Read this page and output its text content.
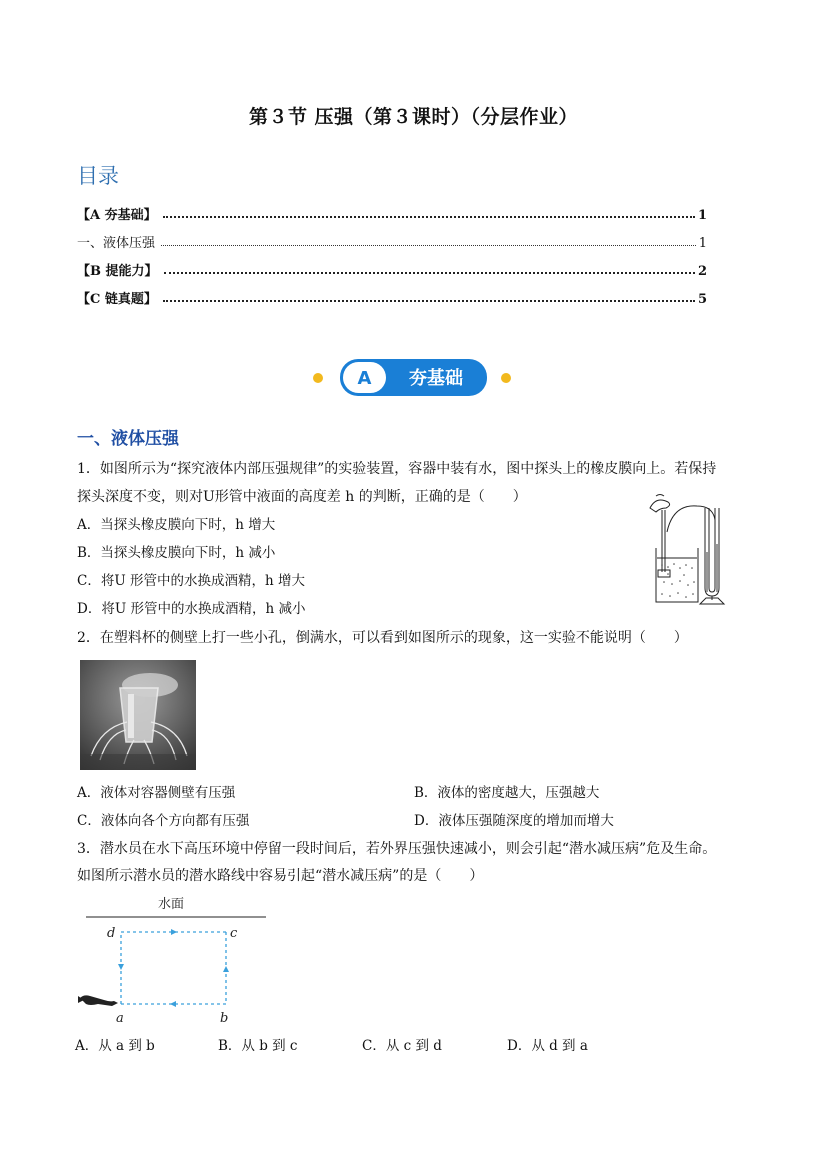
第３节 压强（第３课时）（分层作业）
目录
【A 夯基础】	1
一、液体压强	1
【B 提能力】	2
【C 链真题】	5
A 夯基础
一、液体压强
1．如图所示为“探究液体内部压强规律”的实验装置，容器中装有水，图中探头上的橡皮膜向上。若保持
探头深度不变，则对U形管中液面的高度差 h 的判断，正确的是（　　）
A．当探头橡皮膜向下时，h 增大
B．当探头橡皮膜向下时，h 减小
C．将U 形管中的水换成酒精，h 增大
D．将U 形管中的水换成酒精，h 减小
2．在塑料杯的侧壁上打一些小孔，倒满水，可以看到如图所示的现象，这一实验不能说明（　　）
A．液体对容器侧壁有压强	B．液体的密度越大，压强越大
C．液体向各个方向都有压强	D．液体压强随深度的增加而增大
3．潜水员在水下高压环境中停留一段时间后，若外界压强快速减小，则会引起“潜水减压病”危及生命。
如图所示潜水员的潜水路线中容易引起“潜水减压病”的是（　　）
水面
d	c
a	b
A．从 a 到 b	B．从 b 到 c	C．从 c 到 d	D．从 d 到 a
